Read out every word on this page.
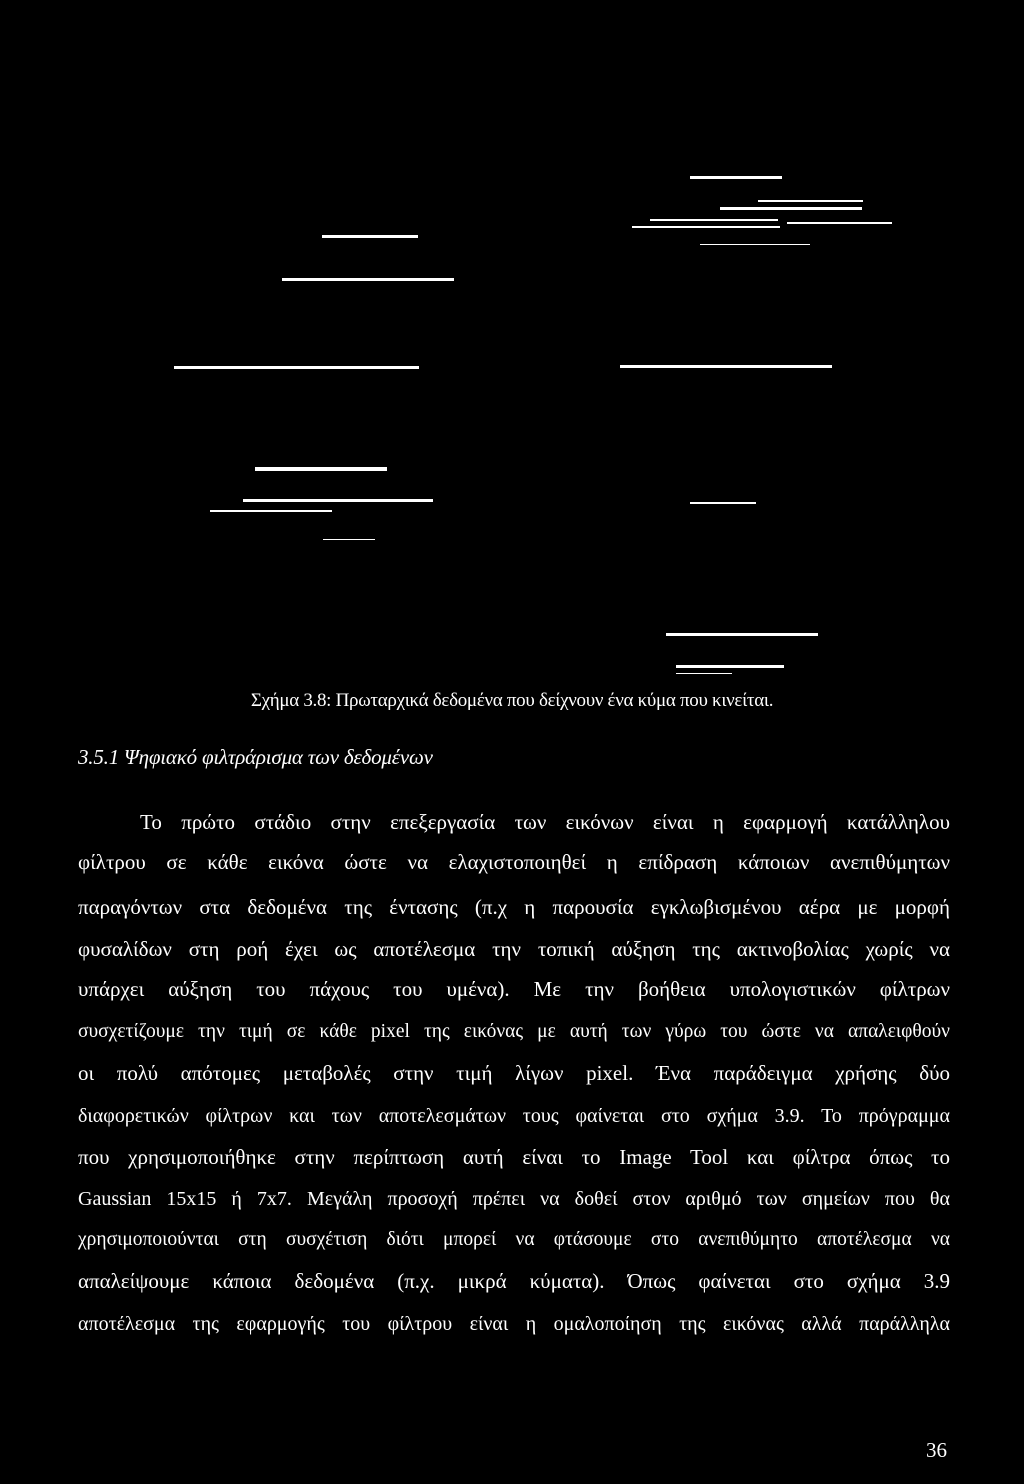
Σχήμα 3.8: Πρωταρχικά δεδομένα που δείχνουν ένα κύμα που κινείται.
3.5.1 Ψηφιακό φιλτράρισμα των δεδομένων
Το πρώτο στάδιο στην επεξεργασία των εικόνων είναι η εφαρμογή κατάλληλου
φίλτρου σε κάθε εικόνα ώστε να ελαχιστοποιηθεί η επίδραση κάποιων ανεπιθύμητων
παραγόντων στα δεδομένα της έντασης (π.χ η παρουσία εγκλωβισμένου αέρα με μορφή
φυσαλίδων στη ροή έχει ως αποτέλεσμα την τοπική αύξηση της ακτινοβολίας χωρίς να
υπάρχει αύξηση του πάχους του υμένα). Με την βοήθεια υπολογιστικών φίλτρων
συσχετίζουμε την τιμή σε κάθε pixel της εικόνας με αυτή των γύρω του ώστε να απαλειφθούν
οι πολύ απότομες μεταβολές στην τιμή λίγων pixel. Ένα παράδειγμα χρήσης δύο
διαφορετικών φίλτρων και των αποτελεσμάτων τους φαίνεται στο σχήμα 3.9. Το πρόγραμμα
που χρησιμοποιήθηκε στην περίπτωση αυτή είναι το Image Tool και φίλτρα όπως το
Gaussian 15x15 ή 7x7. Μεγάλη προσοχή πρέπει να δοθεί στον αριθμό των σημείων που θα
χρησιμοποιούνται στη συσχέτιση διότι μπορεί να φτάσουμε στο ανεπιθύμητο αποτέλεσμα να
απαλείψουμε κάποια δεδομένα (π.χ. μικρά κύματα). Όπως φαίνεται στο σχήμα 3.9
αποτέλεσμα της εφαρμογής του φίλτρου είναι η ομαλοποίηση της εικόνας αλλά παράλληλα
36
